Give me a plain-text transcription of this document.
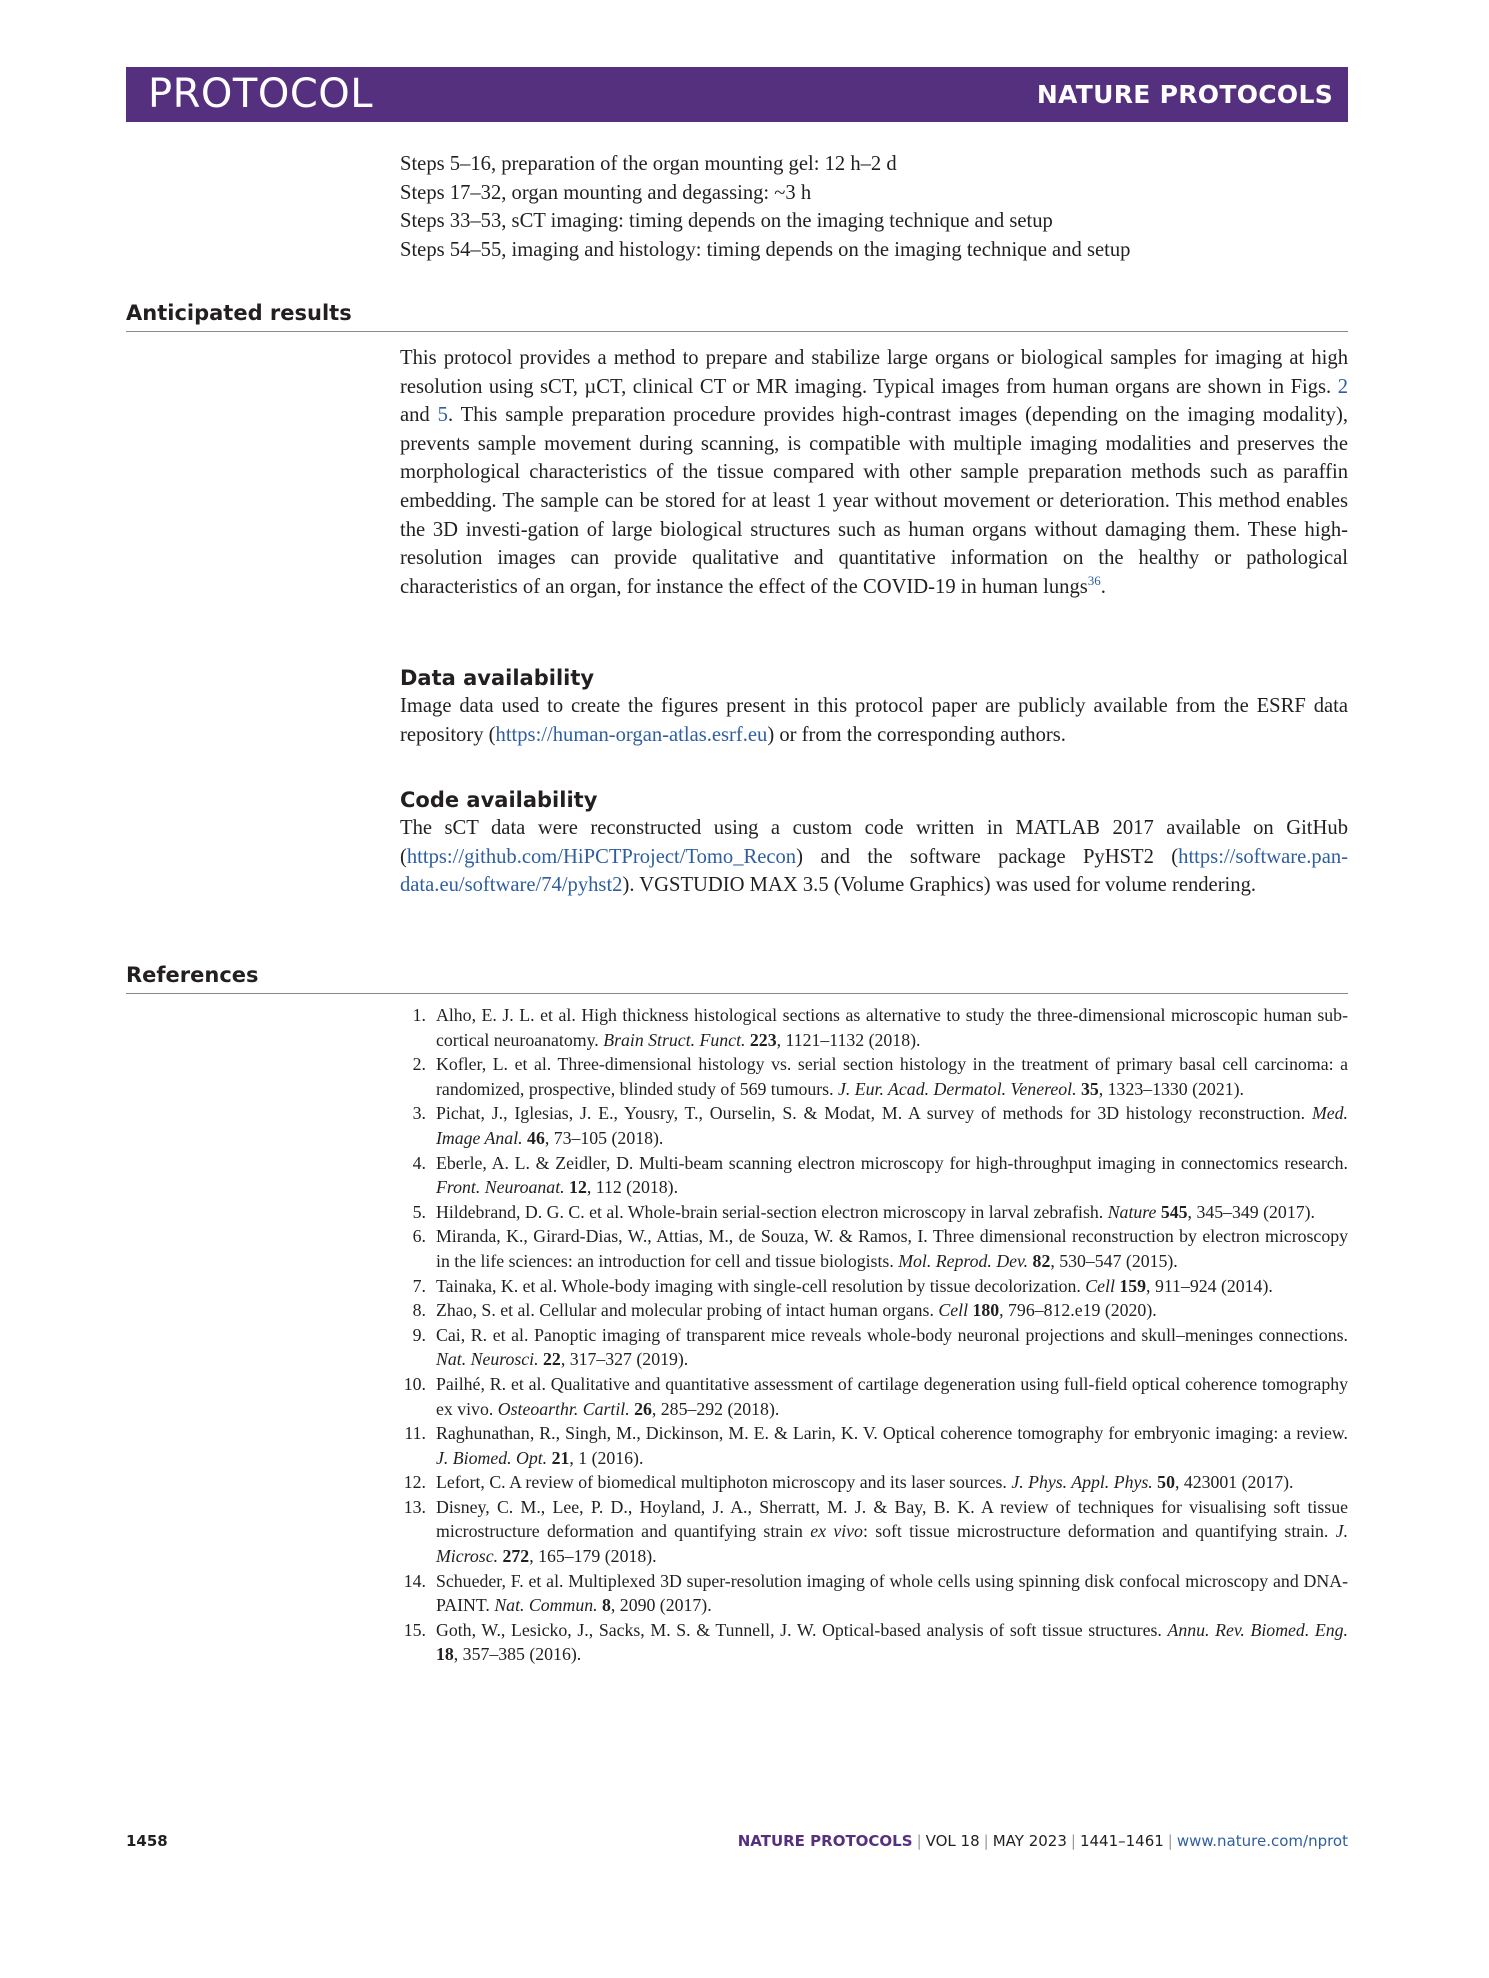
PROTOCOL	NATURE PROTOCOLS
Steps 5–16, preparation of the organ mounting gel: 12 h–2 d
Steps 17–32, organ mounting and degassing: ~3 h
Steps 33–53, sCT imaging: timing depends on the imaging technique and setup
Steps 54–55, imaging and histology: timing depends on the imaging technique and setup
Anticipated results
This protocol provides a method to prepare and stabilize large organs or biological samples for imaging at high resolution using sCT, µCT, clinical CT or MR imaging. Typical images from human organs are shown in Figs. 2 and 5. This sample preparation procedure provides high-contrast images (depending on the imaging modality), prevents sample movement during scanning, is compatible with multiple imaging modalities and preserves the morphological characteristics of the tissue compared with other sample preparation methods such as paraffin embedding. The sample can be stored for at least 1 year without movement or deterioration. This method enables the 3D investi-gation of large biological structures such as human organs without damaging them. These high-resolution images can provide qualitative and quantitative information on the healthy or pathological characteristics of an organ, for instance the effect of the COVID-19 in human lungs$^{36}$.
Data availability
Image data used to create the figures present in this protocol paper are publicly available from the ESRF data repository (https://human-organ-atlas.esrf.eu) or from the corresponding authors.
Code availability
The sCT data were reconstructed using a custom code written in MATLAB 2017 available on GitHub (https://github.com/HiPCTProject/Tomo_Recon) and the software package PyHST2 (https://software.pan-data.eu/software/74/pyhst2). VGSTUDIO MAX 3.5 (Volume Graphics) was used for volume rendering.
References
1. Alho, E. J. L. et al. High thickness histological sections as alternative to study the three-dimensional microscopic human sub-cortical neuroanatomy. Brain Struct. Funct. 223, 1121–1132 (2018).
2. Kofler, L. et al. Three-dimensional histology vs. serial section histology in the treatment of primary basal cell carcinoma: a randomized, prospective, blinded study of 569 tumours. J. Eur. Acad. Dermatol. Venereol. 35, 1323–1330 (2021).
3. Pichat, J., Iglesias, J. E., Yousry, T., Ourselin, S. & Modat, M. A survey of methods for 3D histology reconstruction. Med. Image Anal. 46, 73–105 (2018).
4. Eberle, A. L. & Zeidler, D. Multi-beam scanning electron microscopy for high-throughput imaging in connectomics research. Front. Neuroanat. 12, 112 (2018).
5. Hildebrand, D. G. C. et al. Whole-brain serial-section electron microscopy in larval zebrafish. Nature 545, 345–349 (2017).
6. Miranda, K., Girard-Dias, W., Attias, M., de Souza, W. & Ramos, I. Three dimensional reconstruction by electron microscopy in the life sciences: an introduction for cell and tissue biologists. Mol. Reprod. Dev. 82, 530–547 (2015).
7. Tainaka, K. et al. Whole-body imaging with single-cell resolution by tissue decolorization. Cell 159, 911–924 (2014).
8. Zhao, S. et al. Cellular and molecular probing of intact human organs. Cell 180, 796–812.e19 (2020).
9. Cai, R. et al. Panoptic imaging of transparent mice reveals whole-body neuronal projections and skull–meninges connections. Nat. Neurosci. 22, 317–327 (2019).
10. Pailhé, R. et al. Qualitative and quantitative assessment of cartilage degeneration using full-field optical coherence tomography ex vivo. Osteoarthr. Cartil. 26, 285–292 (2018).
11. Raghunathan, R., Singh, M., Dickinson, M. E. & Larin, K. V. Optical coherence tomography for embryonic imaging: a review. J. Biomed. Opt. 21, 1 (2016).
12. Lefort, C. A review of biomedical multiphoton microscopy and its laser sources. J. Phys. Appl. Phys. 50, 423001 (2017).
13. Disney, C. M., Lee, P. D., Hoyland, J. A., Sherratt, M. J. & Bay, B. K. A review of techniques for visualising soft tissue microstructure deformation and quantifying strain ex vivo: soft tissue microstructure deformation and quantifying strain. J. Microsc. 272, 165–179 (2018).
14. Schueder, F. et al. Multiplexed 3D super-resolution imaging of whole cells using spinning disk confocal microscopy and DNA-PAINT. Nat. Commun. 8, 2090 (2017).
15. Goth, W., Lesicko, J., Sacks, M. S. & Tunnell, J. W. Optical-based analysis of soft tissue structures. Annu. Rev. Biomed. Eng. 18, 357–385 (2016).
1458	NATURE PROTOCOLS | VOL 18 | MAY 2023 | 1441–1461 | www.nature.com/nprot
